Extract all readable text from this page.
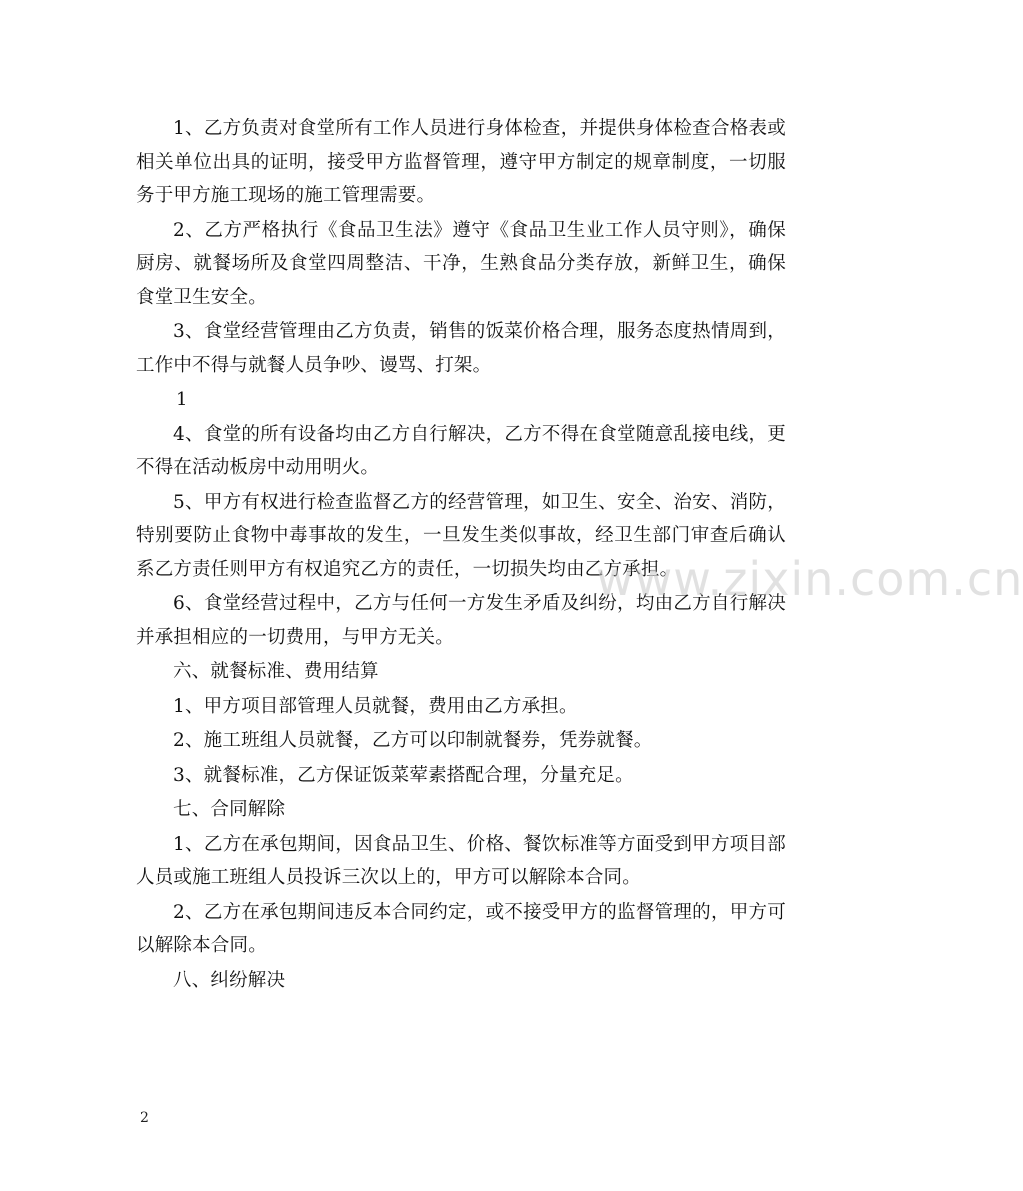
1、乙方负责对食堂所有工作人员进行身体检查，并提供身体检查合格表或相关单位出具的证明，接受甲方监督管理，遵守甲方制定的规章制度，一切服务于甲方施工现场的施工管理需要。

2、乙方严格执行《食品卫生法》遵守《食品卫生业工作人员守则》，确保厨房、就餐场所及食堂四周整洁、干净，生熟食品分类存放，新鲜卫生，确保食堂卫生安全。

3、食堂经营管理由乙方负责，销售的饭菜价格合理，服务态度热情周到，工作中不得与就餐人员争吵、谩骂、打架。

1

4、食堂的所有设备均由乙方自行解决，乙方不得在食堂随意乱接电线，更不得在活动板房中动用明火。

5、甲方有权进行检查监督乙方的经营管理，如卫生、安全、治安、消防，特别要防止食物中毒事故的发生，一旦发生类似事故，经卫生部门审查后确认系乙方责任则甲方有权追究乙方的责任，一切损失均由乙方承担。

6、食堂经营过程中，乙方与任何一方发生矛盾及纠纷，均由乙方自行解决并承担相应的一切费用，与甲方无关。

六、就餐标准、费用结算

1、甲方项目部管理人员就餐，费用由乙方承担。

2、施工班组人员就餐，乙方可以印制就餐券，凭券就餐。

3、就餐标准，乙方保证饭菜荤素搭配合理，分量充足。

七、合同解除

1、乙方在承包期间，因食品卫生、价格、餐饮标准等方面受到甲方项目部人员或施工班组人员投诉三次以上的，甲方可以解除本合同。

2、乙方在承包期间违反本合同约定，或不接受甲方的监督管理的，甲方可以解除本合同。

八、纠纷解决

www.zixin.com.cn
2
